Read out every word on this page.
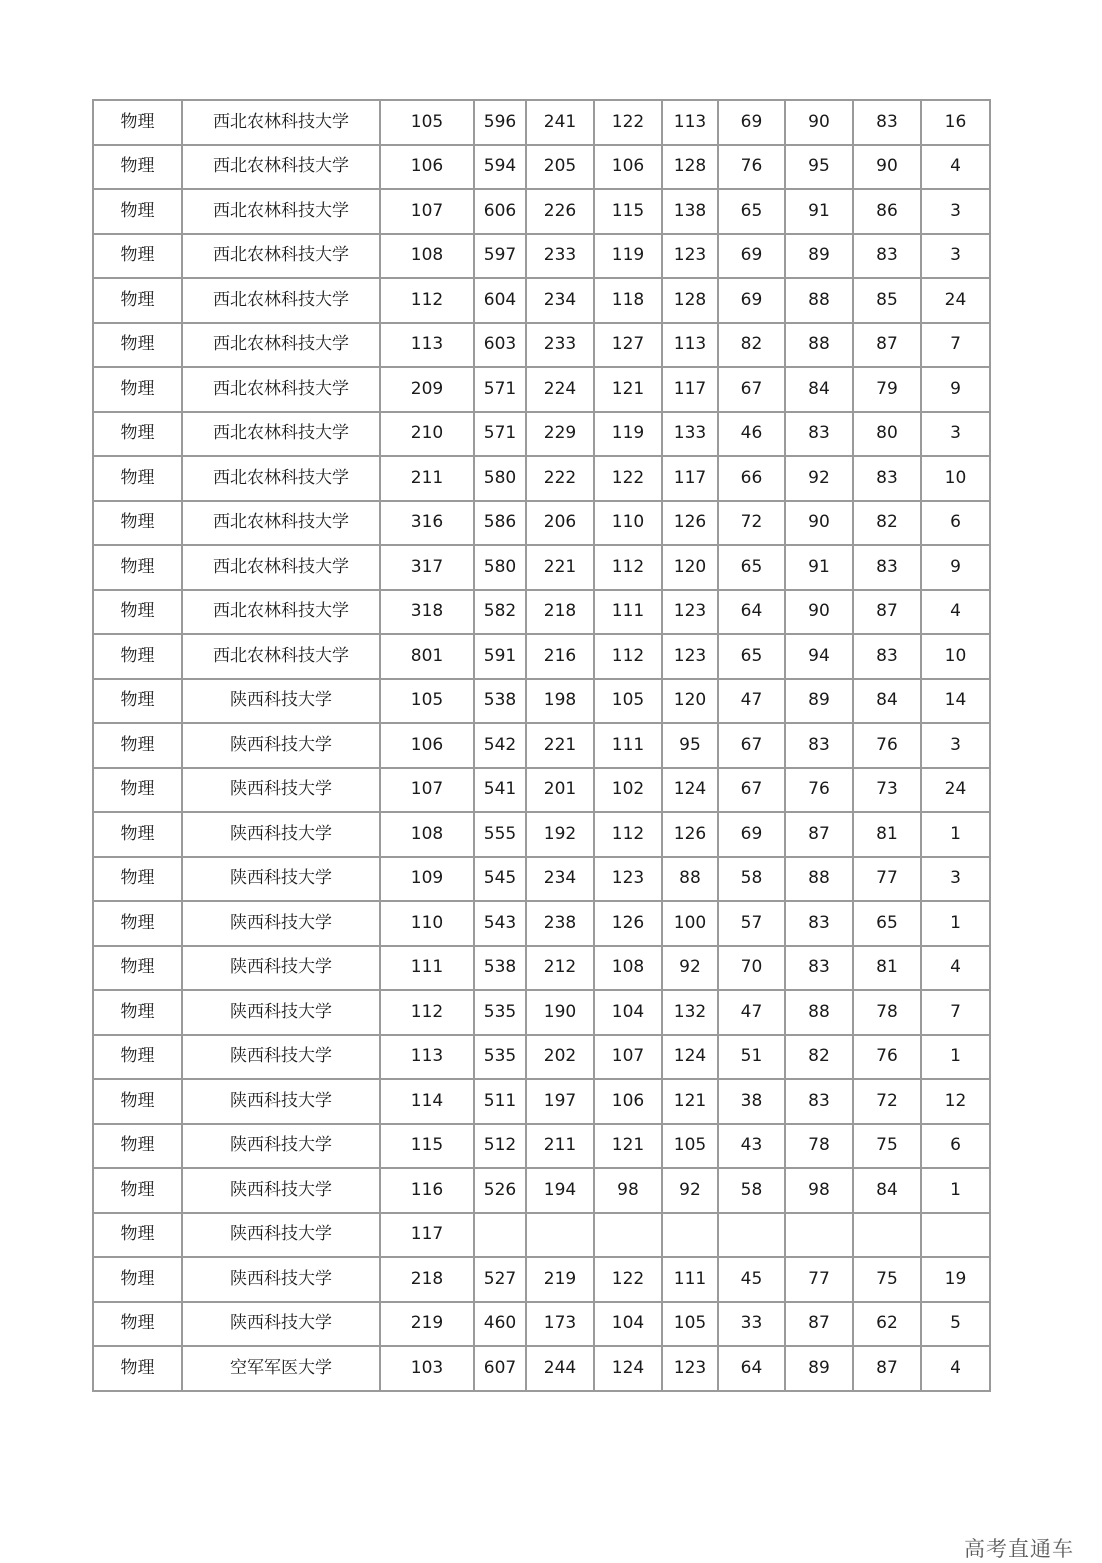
物理	西北农林科技大学	105	596	241	122	113	69	90	83	16
物理	西北农林科技大学	106	594	205	106	128	76	95	90	4
物理	西北农林科技大学	107	606	226	115	138	65	91	86	3
物理	西北农林科技大学	108	597	233	119	123	69	89	83	3
物理	西北农林科技大学	112	604	234	118	128	69	88	85	24
物理	西北农林科技大学	113	603	233	127	113	82	88	87	7
物理	西北农林科技大学	209	571	224	121	117	67	84	79	9
物理	西北农林科技大学	210	571	229	119	133	46	83	80	3
物理	西北农林科技大学	211	580	222	122	117	66	92	83	10
物理	西北农林科技大学	316	586	206	110	126	72	90	82	6
物理	西北农林科技大学	317	580	221	112	120	65	91	83	9
物理	西北农林科技大学	318	582	218	111	123	64	90	87	4
物理	西北农林科技大学	801	591	216	112	123	65	94	83	10
物理	陕西科技大学	105	538	198	105	120	47	89	84	14
物理	陕西科技大学	106	542	221	111	95	67	83	76	3
物理	陕西科技大学	107	541	201	102	124	67	76	73	24
物理	陕西科技大学	108	555	192	112	126	69	87	81	1
物理	陕西科技大学	109	545	234	123	88	58	88	77	3
物理	陕西科技大学	110	543	238	126	100	57	83	65	1
物理	陕西科技大学	111	538	212	108	92	70	83	81	4
物理	陕西科技大学	112	535	190	104	132	47	88	78	7
物理	陕西科技大学	113	535	202	107	124	51	82	76	1
物理	陕西科技大学	114	511	197	106	121	38	83	72	12
物理	陕西科技大学	115	512	211	121	105	43	78	75	6
物理	陕西科技大学	116	526	194	98	92	58	98	84	1
物理	陕西科技大学	117								
物理	陕西科技大学	218	527	219	122	111	45	77	75	19
物理	陕西科技大学	219	460	173	104	105	33	87	62	5
物理	空军军医大学	103	607	244	124	123	64	89	87	4
高考直通车
